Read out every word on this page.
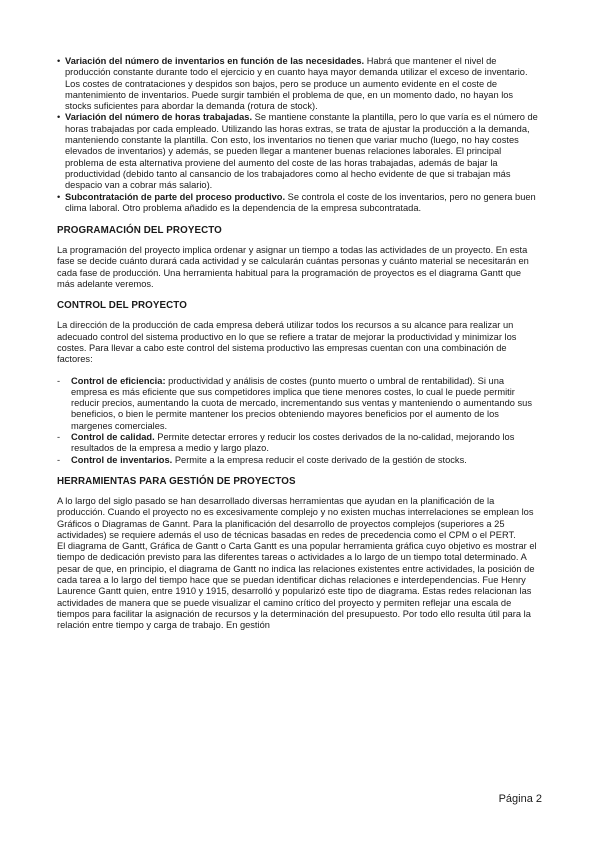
• Variación del número de inventarios en función de las necesidades. Habrá que mantener el nivel de producción constante durante todo el ejercicio y en cuanto haya mayor demanda utilizar el exceso de inventario. Los costes de contrataciones y despidos son bajos, pero se produce un aumento evidente en el coste de mantenimiento de inventarios. Puede surgir también el problema de que, en un momento dado, no hayan los stocks suficientes para abordar la demanda (rotura de stock).
• Variación del número de horas trabajadas. Se mantiene constante la plantilla, pero lo que varía es el número de horas trabajadas por cada empleado. Utilizando las horas extras, se trata de ajustar la producción a la demanda, manteniendo constante la plantilla. Con esto, los inventarios no tienen que variar mucho (luego, no hay costes elevados de inventarios) y además, se pueden llegar a mantener buenas relaciones laborales. El principal problema de esta alternativa proviene del aumento del coste de las horas trabajadas, además de bajar la productividad (debido tanto al cansancio de los trabajadores como al hecho evidente de que si trabajan más despacio van a cobrar más salario).
• Subcontratación de parte del proceso productivo. Se controla el coste de los inventarios, pero no genera buen clima laboral. Otro problema añadido es la dependencia de la empresa subcontratada.
PROGRAMACIÓN DEL PROYECTO

La programación del proyecto implica ordenar y asignar un tiempo a todas las actividades de un proyecto. En esta fase se decide cuánto durará cada actividad y se calcularán cuántas personas y cuánto material se necesitarán en cada fase de producción. Una herramienta habitual para la programación de proyectos es el diagrama Gantt que más adelante veremos.

CONTROL DEL PROYECTO

La dirección de la producción de cada empresa deberá utilizar todos los recursos a su alcance para realizar un adecuado control del sistema productivo en lo que se refiere a tratar de mejorar la productividad y minimizar los costes. Para llevar a cabo este control del sistema productivo las empresas cuentan con una combinación de factores:

- Control de eficiencia: productividad y análisis de costes (punto muerto o umbral de rentabilidad). Si una empresa es más eficiente que sus competidores implica que tiene menores costes, lo cual le puede permitir reducir precios, aumentando la cuota de mercado, incrementando sus ventas y manteniendo o aumentando sus beneficios, o bien le permite mantener los precios obteniendo mayores beneficios por el aumento de los margenes comerciales.
- Control de calidad. Permite detectar errores y reducir los costes derivados de la no-calidad, mejorando los resultados de la empresa a medio y largo plazo.
- Control de inventarios. Permite a la empresa reducir el coste derivado de la gestión de stocks.
HERRAMIENTAS PARA GESTIÓN DE PROYECTOS

A lo largo del siglo pasado se han desarrollado diversas herramientas que ayudan en la planificación de la producción. Cuando el proyecto no es excesivamente complejo y no existen muchas interrelaciones se emplean los Gráficos o Diagramas de Gannt. Para la planificación del desarrollo de proyectos complejos (superiores a 25 actividades) se requiere además el uso de técnicas basadas en redes de precedencia como el CPM o el PERT.

El diagrama de Gantt, Gráfica de Gantt o Carta Gantt es una popular herramienta gráfica cuyo objetivo es mostrar el tiempo de dedicación previsto para las diferentes tareas o actividades a lo largo de un tiempo total determinado. A pesar de que, en principio, el diagrama de Gantt no indica las relaciones existentes entre actividades, la posición de cada tarea a lo largo del tiempo hace que se puedan identificar dichas relaciones e interdependencias. Fue Henry Laurence Gantt quien, entre 1910 y 1915, desarrolló y popularizó este tipo de diagrama. Estas redes relacionan las actividades de manera que se puede visualizar el camino crítico del proyecto y permiten reflejar una escala de tiempos para facilitar la asignación de recursos y la determinación del presupuesto. Por todo ello resulta útil para la relación entre tiempo y carga de trabajo. En gestión

Página 2
